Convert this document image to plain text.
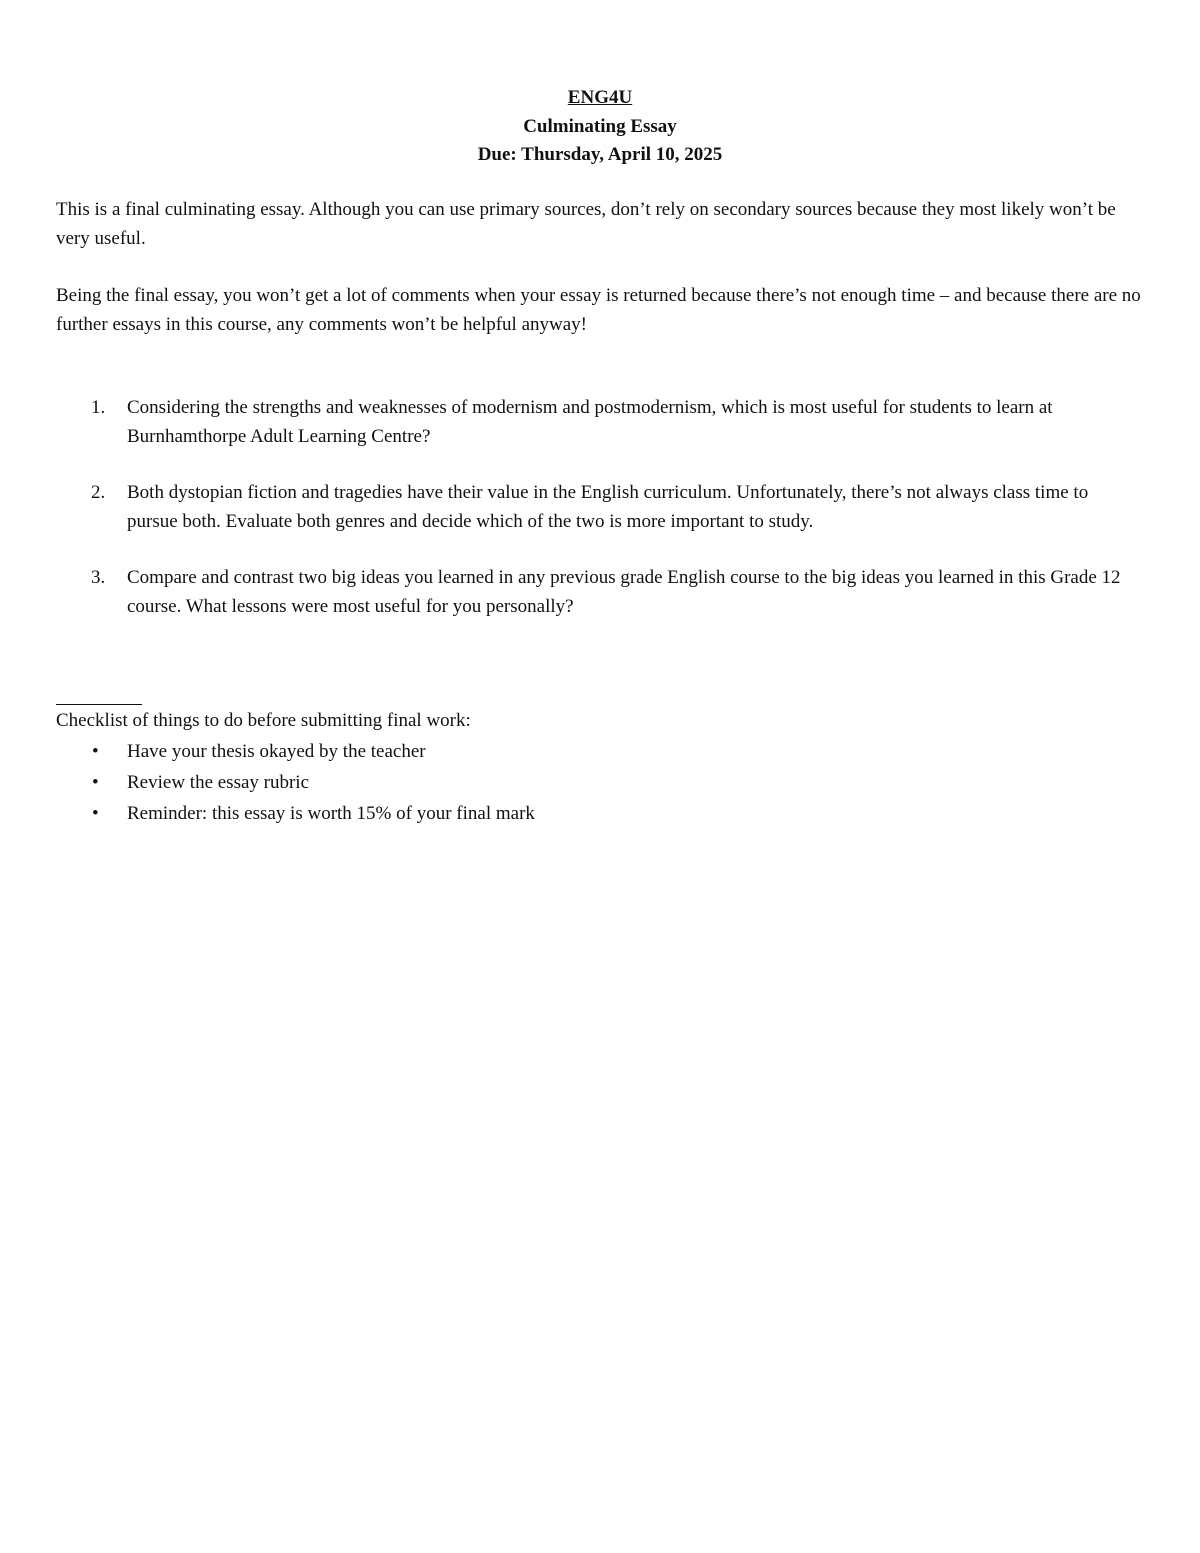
ENG4U
Culminating Essay
Due: Thursday, April 10, 2025

This is a final culminating essay. Although you can use primary sources, don’t rely on secondary sources because they most likely won’t be very useful.

Being the final essay, you won’t get a lot of comments when your essay is returned because there’s not enough time – and because there are no further essays in this course, any comments won’t be helpful anyway!

1. Considering the strengths and weaknesses of modernism and postmodernism, which is most useful for students to learn at Burnhamthorpe Adult Learning Centre?
2. Both dystopian fiction and tragedies have their value in the English curriculum. Unfortunately, there’s not always class time to pursue both. Evaluate both genres and decide which of the two is more important to study.
3. Compare and contrast two big ideas you learned in any previous grade English course to the big ideas you learned in this Grade 12 course. What lessons were most useful for you personally?

Checklist of things to do before submitting final work:

• Have your thesis okayed by the teacher
• Review the essay rubric
• Reminder: this essay is worth 15% of your final mark
